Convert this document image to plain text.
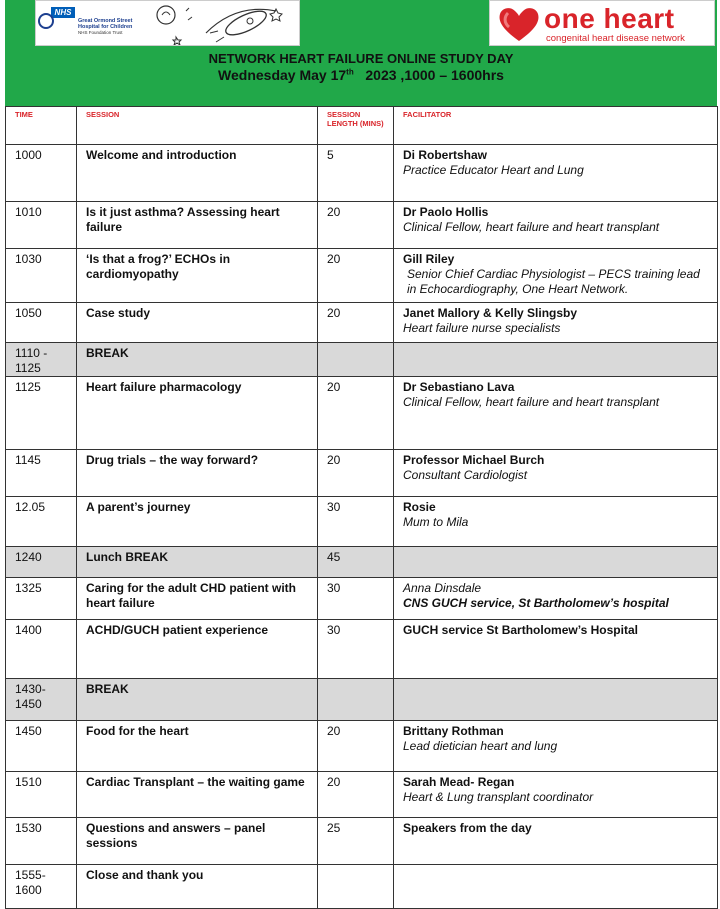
NHS
Great Ormond Street
Hospital for Children
NHS Foundation Trust	one heart
congenital heart disease network
NETWORK HEART FAILURE ONLINE STUDY DAY
Wednesday May 17th 2023 ,1000 – 1600hrs
TIME	SESSION	SESSION LENGTH (MINS)	FACILITATOR
1000	Welcome and introduction	5	Di Robertshaw
Practice Educator Heart and Lung

1010	Is it just asthma? Assessing heart failure	20	Dr Paolo Hollis
Clinical Fellow, heart failure and heart transplant

1030	‘Is that a frog?’ ECHOs in cardiomyopathy	20	Gill Riley
Senior Chief Cardiac Physiologist – PECS training lead in Echocardiography, One Heart Network.

1050	Case study	20	Janet Mallory & Kelly Slingsby
Heart failure nurse specialists

1110 - 1125	BREAK		

1125	Heart failure pharmacology	20	Dr Sebastiano Lava
Clinical Fellow, heart failure and heart transplant

1145	Drug trials – the way forward?	20	Professor Michael Burch
Consultant Cardiologist

12.05	A parent’s journey	30	Rosie
Mum to Mila

1240	Lunch BREAK	45	

1325	Caring for the adult CHD patient with heart failure	30	Anna Dinsdale
CNS GUCH service, St Bartholomew’s hospital

1400	ACHD/GUCH patient experience	30	GUCH service St Bartholomew’s Hospital

1430- 1450	BREAK		

1450	Food for the heart	20	Brittany Rothman
Lead dietician heart and lung

1510	Cardiac Transplant – the waiting game	20	Sarah Mead- Regan
Heart & Lung transplant coordinator

1530	Questions and answers – panel sessions	25	Speakers from the day

1555- 1600	Close and thank you		
